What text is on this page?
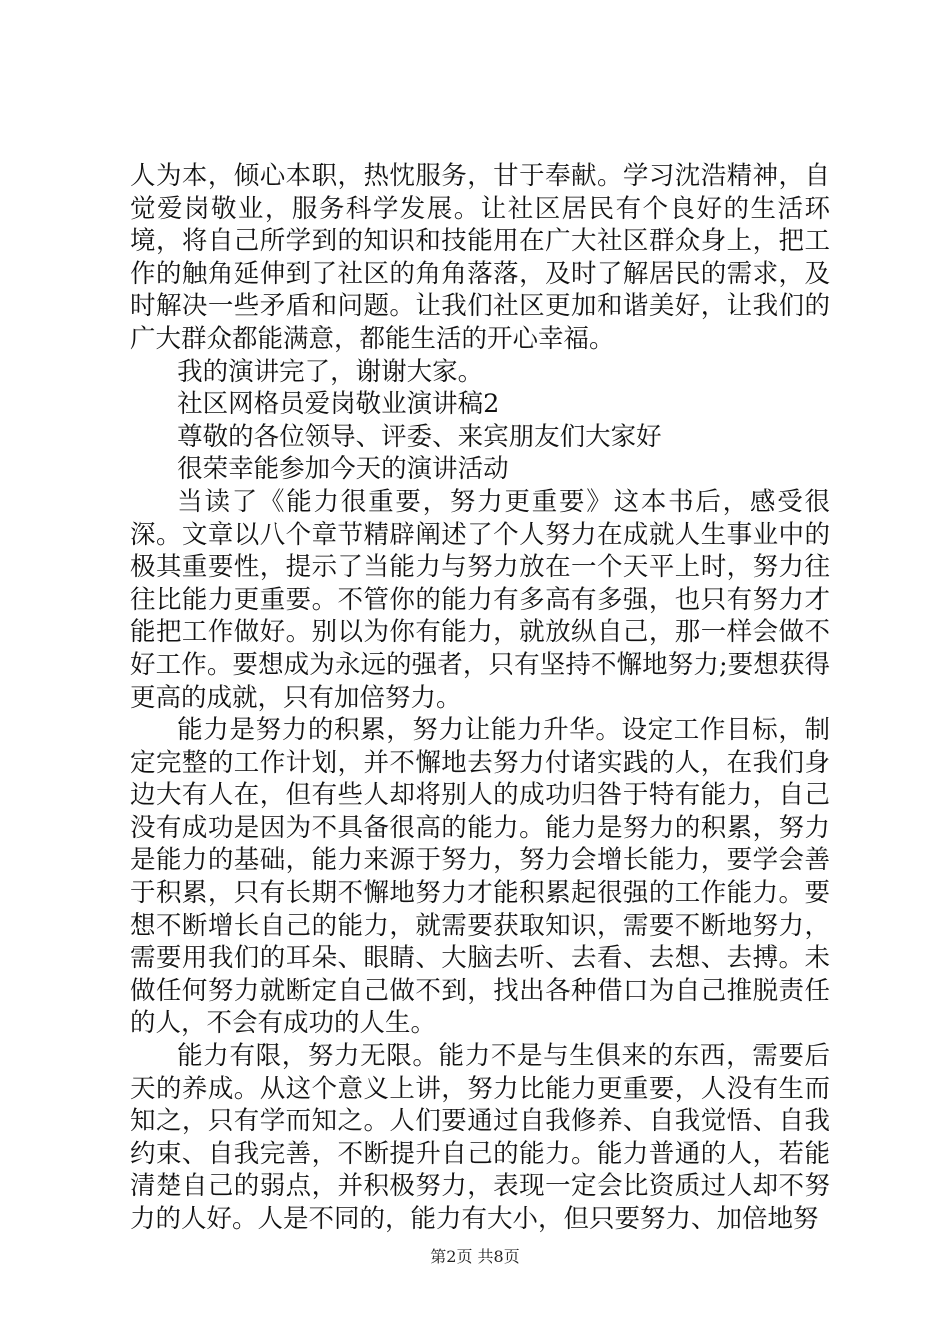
人为本，倾心本职，热忱服务，甘于奉献。学习沈浩精神，自觉爱岗敬业，服务科学发展。让社区居民有个良好的生活环境，将自己所学到的知识和技能用在广大社区群众身上，把工作的触角延伸到了社区的角角落落，及时了解居民的需求，及时解决一些矛盾和问题。让我们社区更加和谐美好，让我们的广大群众都能满意，都能生活的开心幸福。

我的演讲完了，谢谢大家。

社区网格员爱岗敬业演讲稿2

尊敬的各位领导、评委、来宾朋友们大家好

很荣幸能参加今天的演讲活动

当读了《能力很重要，努力更重要》这本书后，感受很深。文章以八个章节精辟阐述了个人努力在成就人生事业中的极其重要性，提示了当能力与努力放在一个天平上时，努力往往比能力更重要。不管你的能力有多高有多强，也只有努力才能把工作做好。别以为你有能力，就放纵自己，那一样会做不好工作。要想成为永远的强者，只有坚持不懈地努力;要想获得更高的成就，只有加倍努力。

能力是努力的积累，努力让能力升华。设定工作目标，制定完整的工作计划，并不懈地去努力付诸实践的人，在我们身边大有人在，但有些人却将别人的成功归咎于特有能力，自己没有成功是因为不具备很高的能力。能力是努力的积累，努力是能力的基础，能力来源于努力，努力会增长能力，要学会善于积累，只有长期不懈地努力才能积累起很强的工作能力。要想不断增长自己的能力，就需要获取知识，需要不断地努力，需要用我们的耳朵、眼睛、大脑去听、去看、去想、去搏。未做任何努力就断定自己做不到，找出各种借口为自己推脱责任的人，不会有成功的人生。

能力有限，努力无限。能力不是与生俱来的东西，需要后天的养成。从这个意义上讲，努力比能力更重要，人没有生而知之，只有学而知之。人们要通过自我修养、自我觉悟、自我约束、自我完善，不断提升自己的能力。能力普通的人，若能清楚自己的弱点，并积极努力，表现一定会比资质过人却不努力的人好。人是不同的，能力有大小，但只要努力、加倍地努

第2页 共8页
